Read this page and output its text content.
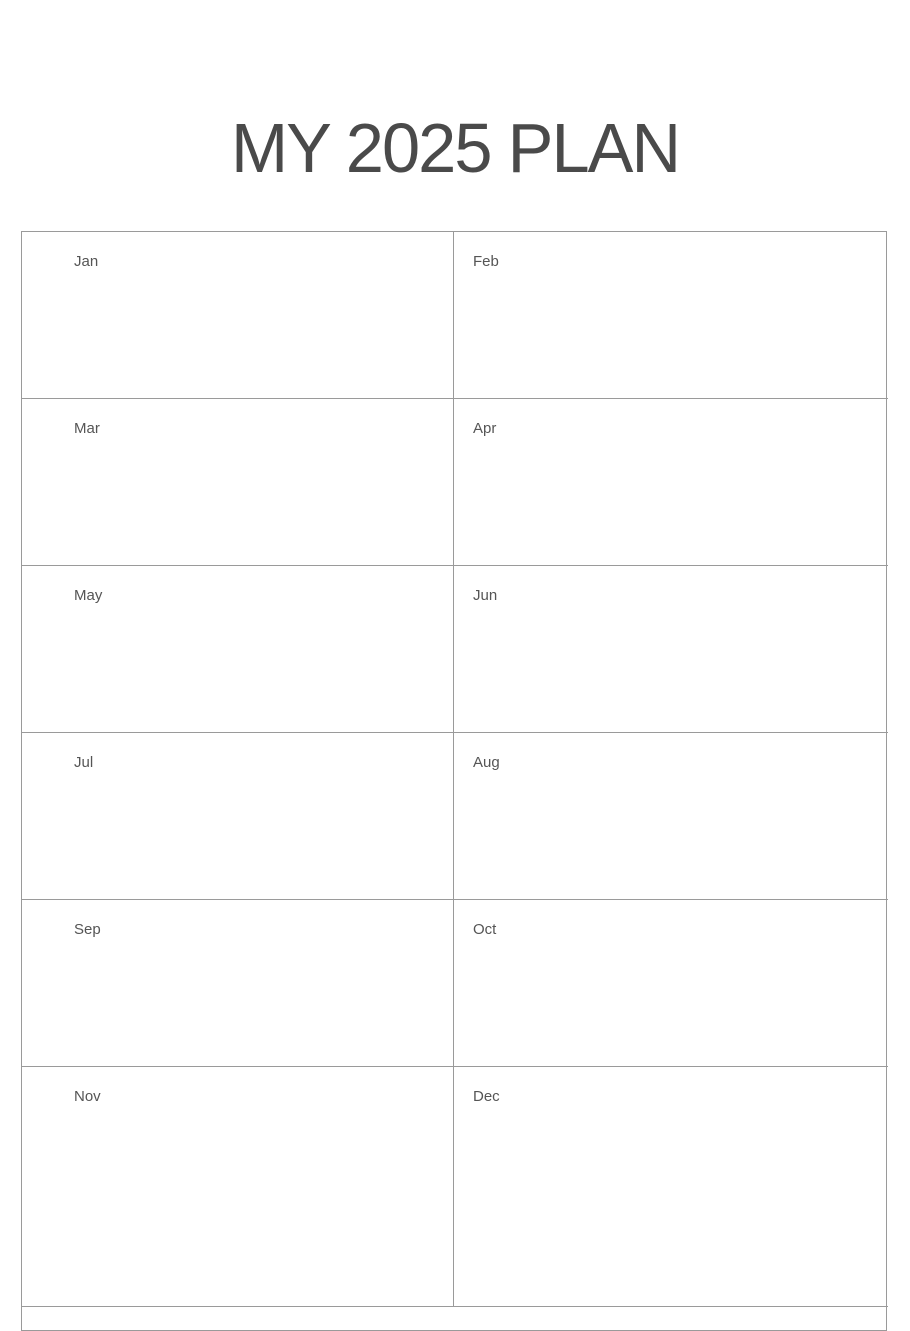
MY 2025 PLAN
Jan	Feb
Mar	Apr
May	Jun
Jul	Aug
Sep	Oct
Nov	Dec
